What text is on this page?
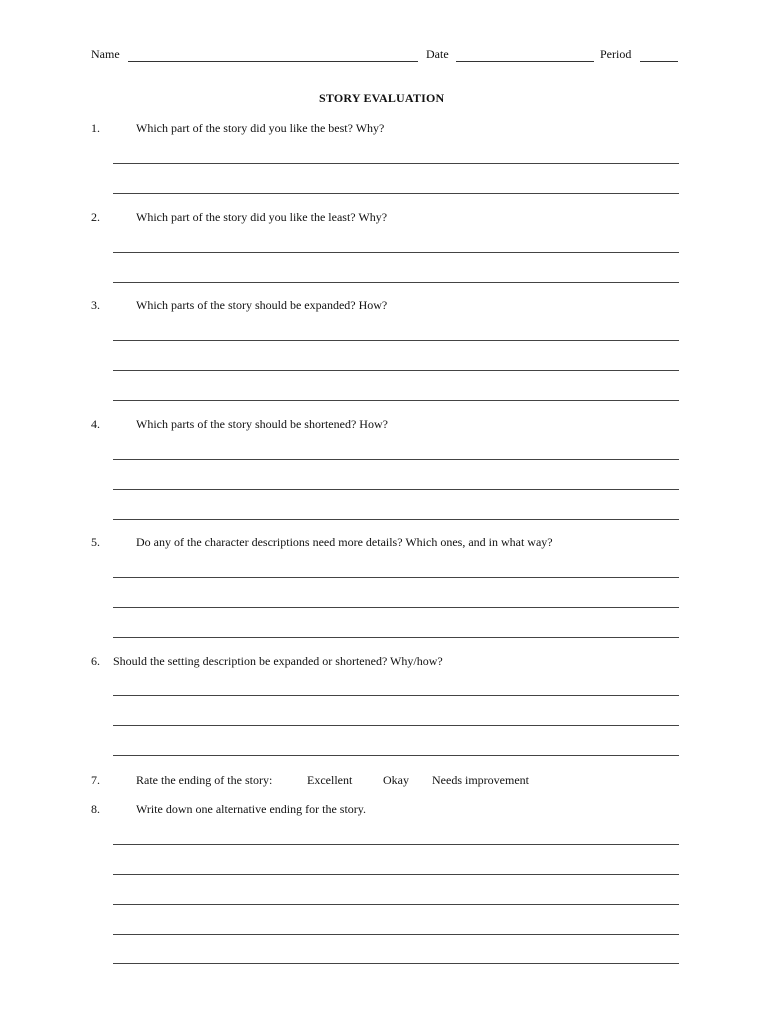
Name	Date	Period
STORY EVALUATION
1.	Which part of the story did you like the best? Why?
2.	Which part of the story did you like the least? Why?
3.	Which parts of the story should be expanded? How?
4.	Which parts of the story should be shortened? How?
5.	Do any of the character descriptions need more details? Which ones, and in what way?
6. Should the setting description be expanded or shortened? Why/how?
7.	Rate the ending of the story:	Excellent	Okay Needs improvement
8.	Write down one alternative ending for the story.
